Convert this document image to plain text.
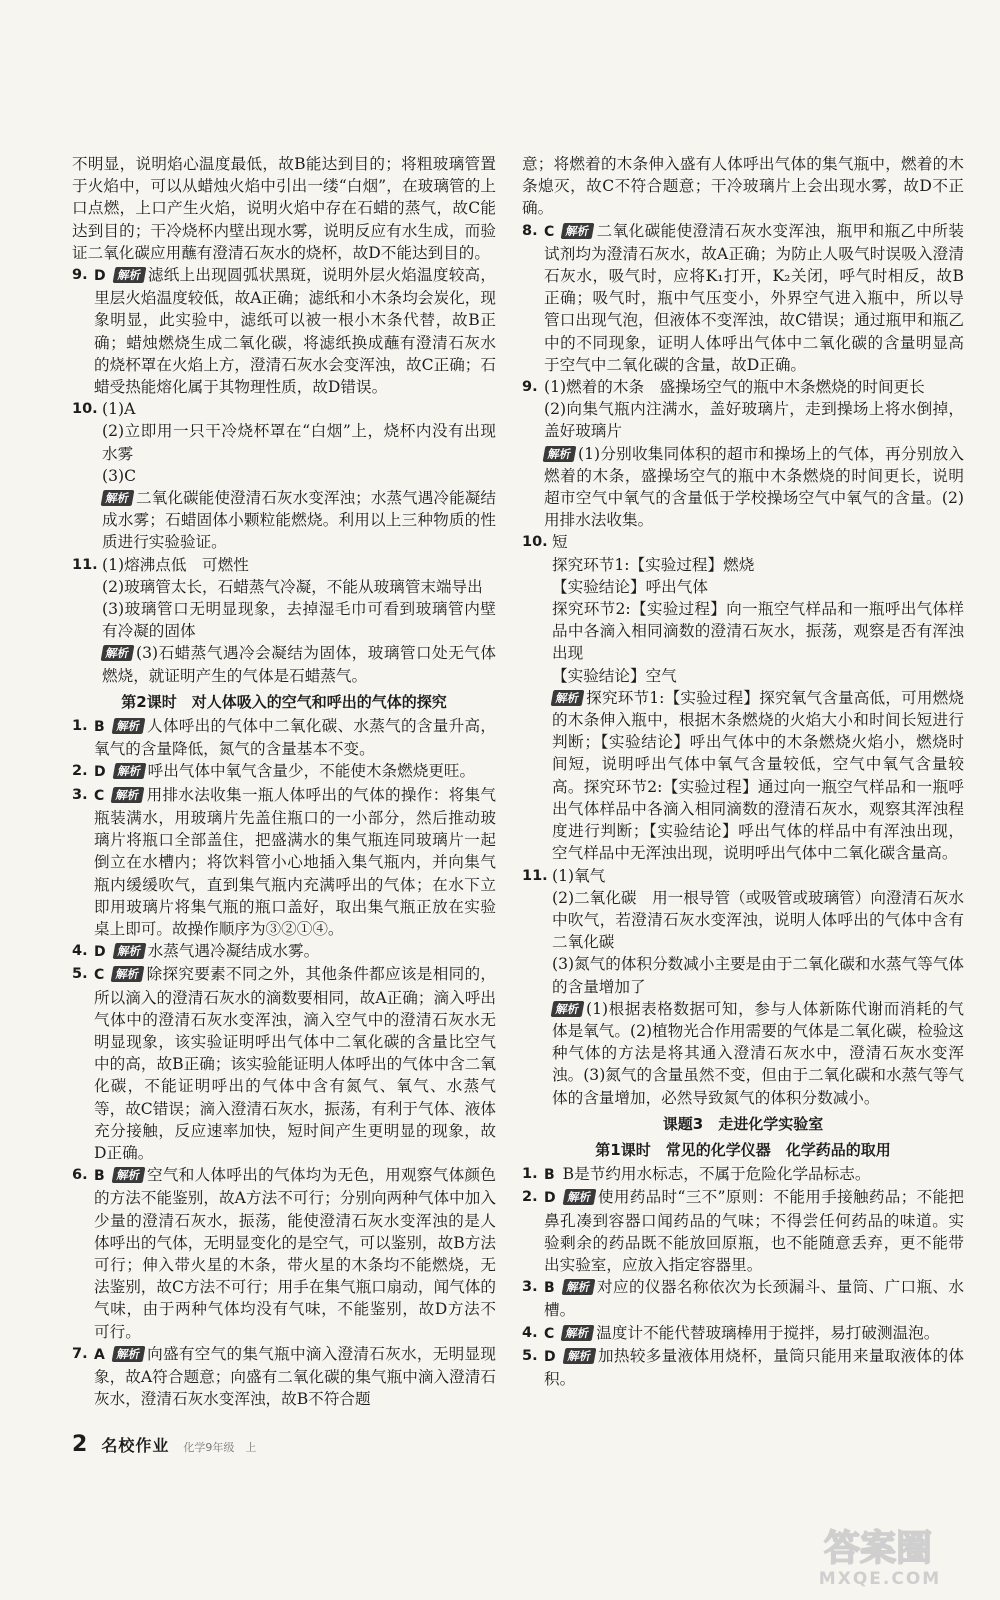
不明显，说明焰心温度最低，故B能达到目的；将粗玻璃管置于火焰中，可以从蜡烛火焰中引出一缕“白烟”，在玻璃管的上口点燃，上口产生火焰，说明火焰中存在石蜡的蒸气，故C能达到目的；干冷烧杯内壁出现水雾，说明反应有水生成，而验证二氧化碳应用蘸有澄清石灰水的烧杯，故D不能达到目的。
9. D 解析 滤纸上出现圆弧状黑斑，说明外层火焰温度较高，里层火焰温度较低，故A正确；滤纸和小木条均会炭化，现象明显，此实验中，滤纸可以被一根小木条代替，故B正确；蜡烛燃烧生成二氧化碳，将滤纸换成蘸有澄清石灰水的烧杯罩在火焰上方，澄清石灰水会变浑浊，故C正确；石蜡受热能熔化属于其物理性质，故D错误。
10. (1)A
(2)立即用一只干冷烧杯罩在“白烟”上，烧杯内没有出现水雾
(3)C
解析 二氧化碳能使澄清石灰水变浑浊；水蒸气遇冷能凝结成水雾；石蜡固体小颗粒能燃烧。利用以上三种物质的性质进行实验验证。
11. (1)熔沸点低　可燃性
(2)玻璃管太长，石蜡蒸气冷凝，不能从玻璃管末端导出
(3)玻璃管口无明显现象，去掉湿毛巾可看到玻璃管内壁有冷凝的固体
解析 (3)石蜡蒸气遇冷会凝结为固体，玻璃管口处无气体燃烧，就证明产生的气体是石蜡蒸气。
第2课时　对人体吸入的空气和呼出的气体的探究
1. B 解析 人体呼出的气体中二氧化碳、水蒸气的含量升高，氧气的含量降低，氮气的含量基本不变。
2. D 解析 呼出气体中氧气含量少，不能使木条燃烧更旺。
3. C 解析 用排水法收集一瓶人体呼出的气体的操作：将集气瓶装满水，用玻璃片先盖住瓶口的一小部分，然后推动玻璃片将瓶口全部盖住，把盛满水的集气瓶连同玻璃片一起倒立在水槽内；将饮料管小心地插入集气瓶内，并向集气瓶内缓缓吹气，直到集气瓶内充满呼出的气体；在水下立即用玻璃片将集气瓶的瓶口盖好，取出集气瓶正放在实验桌上即可。故操作顺序为③②①④。
4. D 解析 水蒸气遇冷凝结成水雾。
5. C 解析 除探究要素不同之外，其他条件都应该是相同的，所以滴入的澄清石灰水的滴数要相同，故A正确；滴入呼出气体中的澄清石灰水变浑浊，滴入空气中的澄清石灰水无明显现象，该实验证明呼出气体中二氧化碳的含量比空气中的高，故B正确；该实验能证明人体呼出的气体中含二氧化碳，不能证明呼出的气体中含有氮气、氧气、水蒸气等，故C错误；滴入澄清石灰水，振荡，有利于气体、液体充分接触，反应速率加快，短时间产生更明显的现象，故D正确。
6. B 解析 空气和人体呼出的气体均为无色，用观察气体颜色的方法不能鉴别，故A方法不可行；分别向两种气体中加入少量的澄清石灰水，振荡，能使澄清石灰水变浑浊的是人体呼出的气体，无明显变化的是空气，可以鉴别，故B方法可行；伸入带火星的木条，带火星的木条均不能燃烧，无法鉴别，故C方法不可行；用手在集气瓶口扇动，闻气体的气味，由于两种气体均没有气味，不能鉴别，故D方法不可行。
7. A 解析 向盛有空气的集气瓶中滴入澄清石灰水，无明显现象，故A符合题意；向盛有二氧化碳的集气瓶中滴入澄清石灰水，澄清石灰水变浑浊，故B不符合题
意；将燃着的木条伸入盛有人体呼出气体的集气瓶中，燃着的木条熄灭，故C不符合题意；干冷玻璃片上会出现水雾，故D不正确。
8. C 解析 二氧化碳能使澄清石灰水变浑浊，瓶甲和瓶乙中所装试剂均为澄清石灰水，故A正确；为防止人吸气时误吸入澄清石灰水，吸气时，应将K₁打开，K₂关闭，呼气时相反，故B正确；吸气时，瓶中气压变小，外界空气进入瓶中，所以导管口出现气泡，但液体不变浑浊，故C错误；通过瓶甲和瓶乙中的不同现象，证明人体呼出气体中二氧化碳的含量明显高于空气中二氧化碳的含量，故D正确。
9. (1)燃着的木条　盛操场空气的瓶中木条燃烧的时间更长
(2)向集气瓶内注满水，盖好玻璃片，走到操场上将水倒掉，盖好玻璃片
解析 (1)分别收集同体积的超市和操场上的气体，再分别放入燃着的木条，盛操场空气的瓶中木条燃烧的时间更长，说明超市空气中氧气的含量低于学校操场空气中氧气的含量。(2)用排水法收集。
10. 短
探究环节1:【实验过程】燃烧
【实验结论】呼出气体
探究环节2:【实验过程】向一瓶空气样品和一瓶呼出气体样品中各滴入相同滴数的澄清石灰水，振荡，观察是否有浑浊出现
【实验结论】空气
解析 探究环节1:【实验过程】探究氧气含量高低，可用燃烧的木条伸入瓶中，根据木条燃烧的火焰大小和时间长短进行判断；【实验结论】呼出气体中的木条燃烧火焰小，燃烧时间短，说明呼出气体中氧气含量较低，空气中氧气含量较高。探究环节2:【实验过程】通过向一瓶空气样品和一瓶呼出气体样品中各滴入相同滴数的澄清石灰水，观察其浑浊程度进行判断；【实验结论】呼出气体的样品中有浑浊出现，空气样品中无浑浊出现，说明呼出气体中二氧化碳含量高。
11. (1)氧气
(2)二氧化碳　用一根导管（或吸管或玻璃管）向澄清石灰水中吹气，若澄清石灰水变浑浊，说明人体呼出的气体中含有二氧化碳
(3)氮气的体积分数减小主要是由于二氧化碳和水蒸气等气体的含量增加了
解析 (1)根据表格数据可知，参与人体新陈代谢而消耗的气体是氧气。(2)植物光合作用需要的气体是二氧化碳，检验这种气体的方法是将其通入澄清石灰水中，澄清石灰水变浑浊。(3)氮气的含量虽然不变，但由于二氧化碳和水蒸气等气体的含量增加，必然导致氮气的体积分数减小。
课题3　走进化学实验室
第1课时　常见的化学仪器　化学药品的取用
1. B B是节约用水标志，不属于危险化学品标志。
2. D 解析 使用药品时“三不”原则：不能用手接触药品；不能把鼻孔凑到容器口闻药品的气味；不得尝任何药品的味道。实验剩余的药品既不能放回原瓶，也不能随意丢弃，更不能带出实验室，应放入指定容器里。
3. B 解析 对应的仪器名称依次为长颈漏斗、量筒、广口瓶、水槽。
4. C 解析 温度计不能代替玻璃棒用于搅拌，易打破测温泡。
5. D 解析 加热较多量液体用烧杯，量筒只能用来量取液体的体积。
2 名校作业 化学9年级　上
答案圈
MXQE.COM
